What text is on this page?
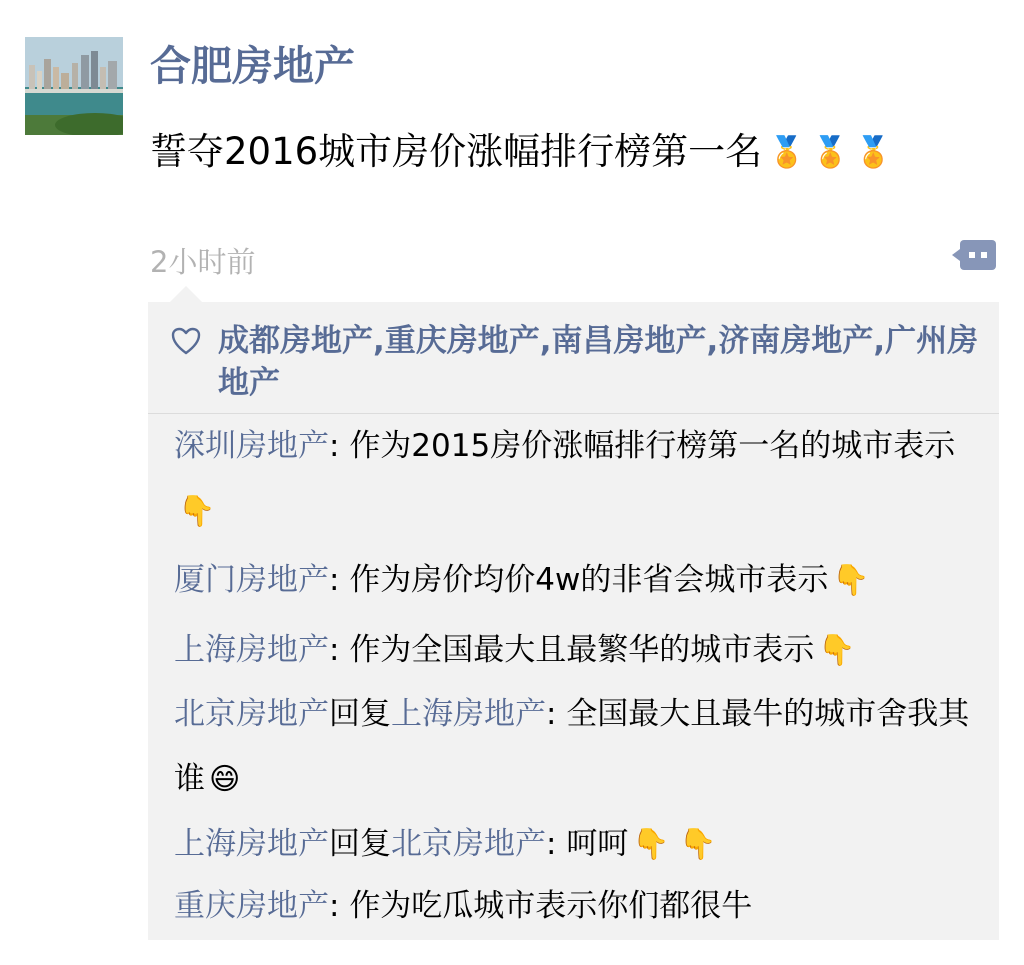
合肥房地产
誓夺2016城市房价涨幅排行榜第一名 🏅 🏅 🏅
2小时前
成都房地产,重庆房地产,南昌房地产,济南房地产,广州房地产
深圳房地产: 作为2015房价涨幅排行榜第一名的城市表示👇
厦门房地产: 作为房价均价4w的非省会城市表示 👇
上海房地产: 作为全国最大且最繁华的城市表示 👇
北京房地产回复上海房地产: 全国最大且最牛的城市舍我其谁 😄
上海房地产回复北京房地产: 呵呵 👇 👇
重庆房地产: 作为吃瓜城市表示你们都很牛
